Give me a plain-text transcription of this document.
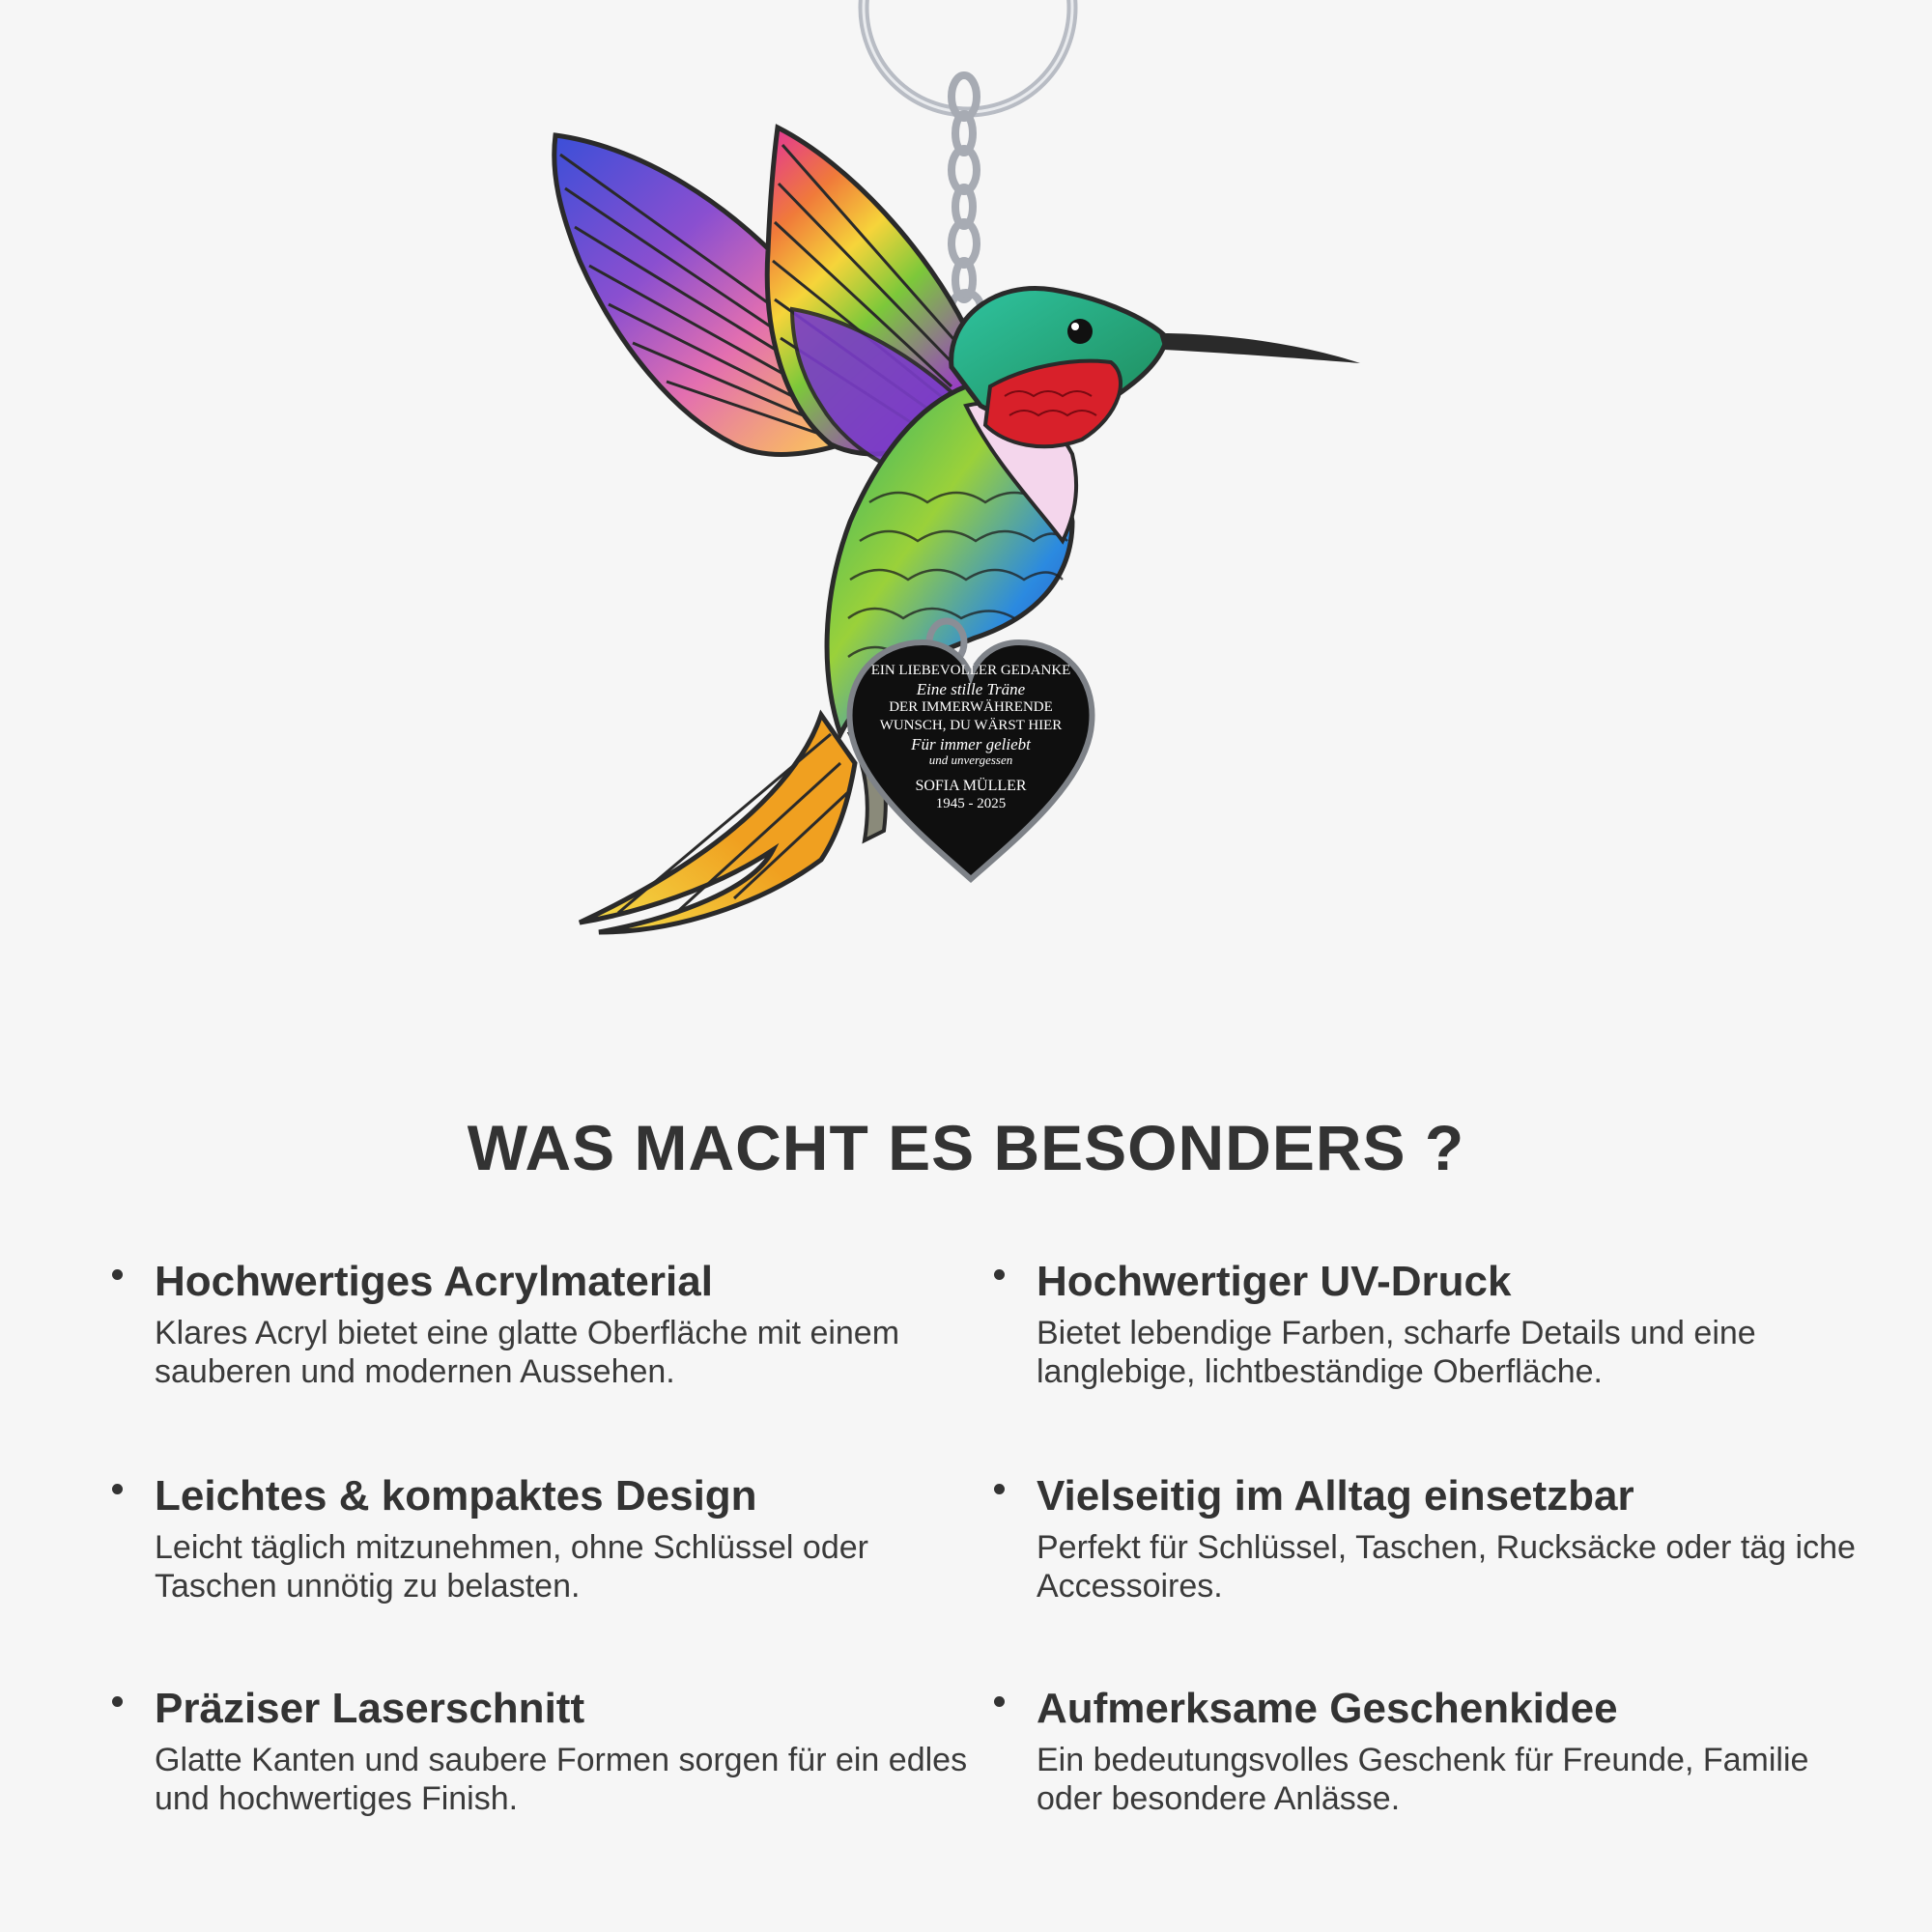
EIN LIEBEVOLLER GEDANKE
Eine stille Träne
DER IMMERWÄHRENDE
WUNSCH, DU WÄRST HIER
Für immer geliebt
und unvergessen
SOFIA MÜLLER
1945 - 2025
WAS MACHT ES BESONDERS ?
Hochwertiges Acrylmaterial
Klares Acryl bietet eine glatte Oberfläche mit einem sauberen und modernen Aussehen.
Hochwertiger UV-Druck
Bietet lebendige Farben, scharfe Details und eine langlebige, lichtbeständige Oberfläche.
Leichtes & kompaktes Design
Leicht täglich mitzunehmen, ohne Schlüssel oder Taschen unnötig zu belasten.
Vielseitig im Alltag einsetzbar
Perfekt für Schlüssel, Taschen, Rucksäcke oder täg iche Accessoires.
Präziser Laserschnitt
Glatte Kanten und saubere Formen sorgen für ein edles und hochwertiges Finish.
Aufmerksame Geschenkidee
Ein bedeutungsvolles Geschenk für Freunde, Familie oder besondere Anlässe.
